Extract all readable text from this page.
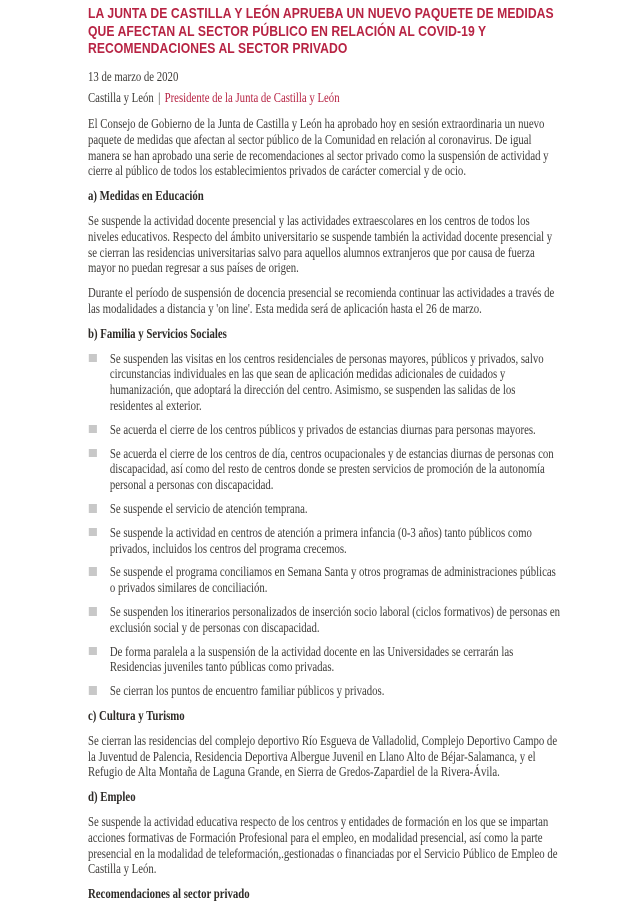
LA JUNTA DE CASTILLA Y LEÓN APRUEBA UN NUEVO PAQUETE DE MEDIDAS QUE AFECTAN AL SECTOR PÚBLICO EN RELACIÓN AL COVID-19 Y RECOMENDACIONES AL SECTOR PRIVADO

13 de marzo de 2020

Castilla y León | Presidente de la Junta de Castilla y León

El Consejo de Gobierno de la Junta de Castilla y León ha aprobado hoy en sesión extraordinaria un nuevo paquete de medidas que afectan al sector público de la Comunidad en relación al coronavirus. De igual manera se han aprobado una serie de recomendaciones al sector privado como la suspensión de actividad y cierre al público de todos los establecimientos privados de carácter comercial y de ocio.

a) Medidas en Educación

Se suspende la actividad docente presencial y las actividades extraescolares en los centros de todos los niveles educativos. Respecto del ámbito universitario se suspende también la actividad docente presencial y se cierran las residencias universitarias salvo para aquellos alumnos extranjeros que por causa de fuerza mayor no puedan regresar a sus países de origen.

Durante el período de suspensión de docencia presencial se recomienda continuar las actividades a través de las modalidades a distancia y 'on line'. Esta medida será de aplicación hasta el 26 de marzo.

b) Familia y Servicios Sociales
Se suspenden las visitas en los centros residenciales de personas mayores, públicos y privados, salvo circunstancias individuales en las que sean de aplicación medidas adicionales de cuidados y humanización, que adoptará la dirección del centro. Asimismo, se suspenden las salidas de los residentes al exterior.
Se acuerda el cierre de los centros públicos y privados de estancias diurnas para personas mayores.
Se acuerda el cierre de los centros de día, centros ocupacionales y de estancias diurnas de personas con discapacidad, así como del resto de centros donde se presten servicios de promoción de la autonomía personal a personas con discapacidad.
Se suspende el servicio de atención temprana.
Se suspende la actividad en centros de atención a primera infancia (0-3 años) tanto públicos como privados, incluidos los centros del programa crecemos.
Se suspende el programa conciliamos en Semana Santa y otros programas de administraciones públicas o privados similares de conciliación.
Se suspenden los itinerarios personalizados de inserción socio laboral (ciclos formativos) de personas en exclusión social y de personas con discapacidad.
De forma paralela a la suspensión de la actividad docente en las Universidades se cerrarán las Residencias juveniles tanto públicas como privadas.
Se cierran los puntos de encuentro familiar públicos y privados.
c) Cultura y Turismo

Se cierran las residencias del complejo deportivo Río Esgueva de Valladolid, Complejo Deportivo Campo de la Juventud de Palencia, Residencia Deportiva Albergue Juvenil en Llano Alto de Béjar-Salamanca, y el Refugio de Alta Montaña de Laguna Grande, en Sierra de Gredos-Zapardiel de la Rivera-Ávila.

d) Empleo

Se suspende la actividad educativa respecto de los centros y entidades de formación en los que se impartan acciones formativas de Formación Profesional para el empleo, en modalidad presencial, así como la parte presencial en la modalidad de teleformación,.gestionadas o financiadas por el Servicio Público de Empleo de Castilla y León.

Recomendaciones al sector privado
